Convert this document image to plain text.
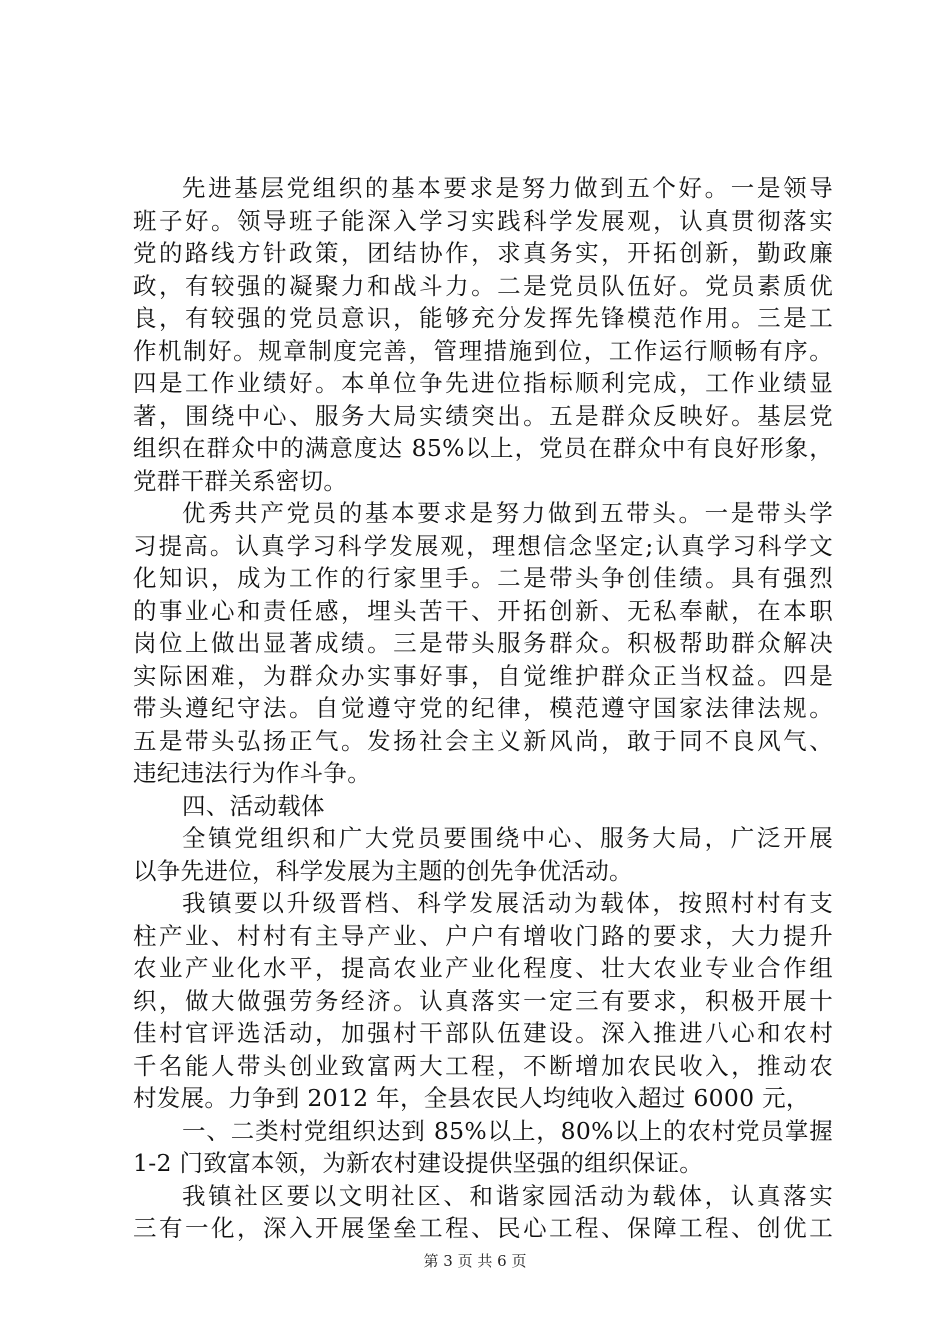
先进基层党组织的基本要求是努力做到五个好。一是领导
班子好。领导班子能深入学习实践科学发展观，认真贯彻落实
党的路线方针政策，团结协作，求真务实，开拓创新，勤政廉
政，有较强的凝聚力和战斗力。二是党员队伍好。党员素质优
良，有较强的党员意识，能够充分发挥先锋模范作用。三是工
作机制好。规章制度完善，管理措施到位，工作运行顺畅有序。
四是工作业绩好。本单位争先进位指标顺利完成，工作业绩显
著，围绕中心、服务大局实绩突出。五是群众反映好。基层党
组织在群众中的满意度达 85%以上，党员在群众中有良好形象，
党群干群关系密切。
优秀共产党员的基本要求是努力做到五带头。一是带头学
习提高。认真学习科学发展观，理想信念坚定;认真学习科学文
化知识，成为工作的行家里手。二是带头争创佳绩。具有强烈
的事业心和责任感，埋头苦干、开拓创新、无私奉献，在本职
岗位上做出显著成绩。三是带头服务群众。积极帮助群众解决
实际困难，为群众办实事好事，自觉维护群众正当权益。四是
带头遵纪守法。自觉遵守党的纪律，模范遵守国家法律法规。
五是带头弘扬正气。发扬社会主义新风尚，敢于同不良风气、
违纪违法行为作斗争。
四、活动载体
全镇党组织和广大党员要围绕中心、服务大局，广泛开展
以争先进位，科学发展为主题的创先争优活动。
我镇要以升级晋档、科学发展活动为载体，按照村村有支
柱产业、村村有主导产业、户户有增收门路的要求，大力提升
农业产业化水平，提高农业产业化程度、壮大农业专业合作组
织，做大做强劳务经济。认真落实一定三有要求，积极开展十
佳村官评选活动，加强村干部队伍建设。深入推进八心和农村
千名能人带头创业致富两大工程，不断增加农民收入，推动农
村发展。力争到 2012 年，全县农民人均纯收入超过 6000 元，
一、二类村党组织达到 85%以上，80%以上的农村党员掌握
1-2 门致富本领，为新农村建设提供坚强的组织保证。
我镇社区要以文明社区、和谐家园活动为载体，认真落实
三有一化，深入开展堡垒工程、民心工程、保障工程、创优工
第 3 页 共 6 页
